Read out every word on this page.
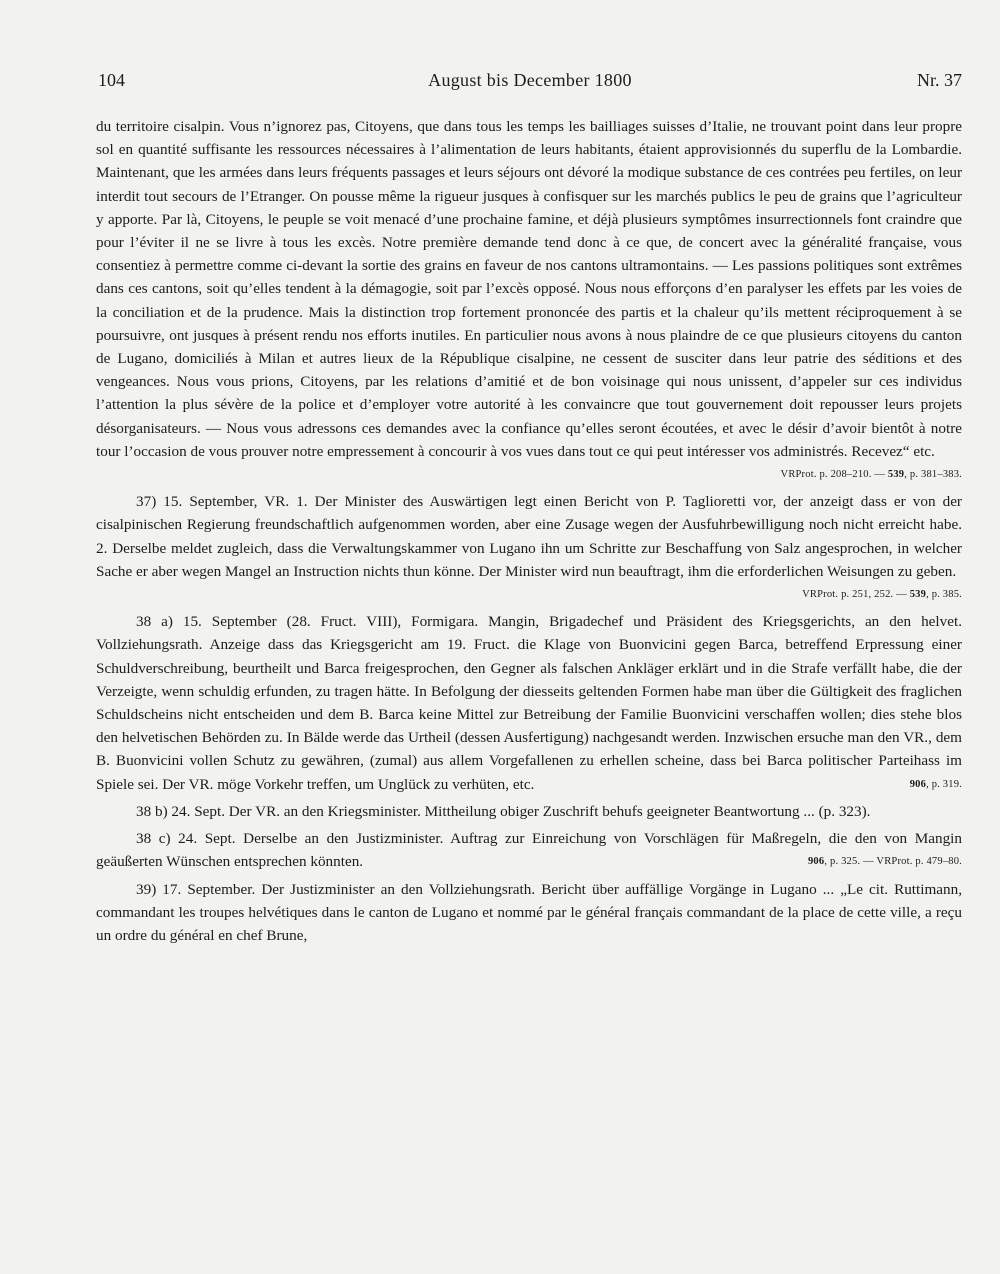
104	August bis December 1800	Nr. 37

du territoire cisalpin. Vous n’ignorez pas, Citoyens, que dans tous les temps les bailliages suisses d’Italie, ne trouvant point dans leur propre sol en quantité suffisante les ressources nécessaires à l’alimentation de leurs habitants, étaient approvisionnés du superflu de la Lombardie. Maintenant, que les armées dans leurs fréquents passages et leurs séjours ont dévoré la modique substance de ces contrées peu fertiles, on leur interdit tout secours de l’Etranger. On pousse même la rigueur jusques à confisquer sur les marchés publics le peu de grains que l’agriculteur y apporte. Par là, Citoyens, le peuple se voit menacé d’une prochaine famine, et déjà plusieurs symptômes insurrectionnels font craindre que pour l’éviter il ne se livre à tous les excès. Notre première demande tend donc à ce que, de concert avec la généralité française, vous consentiez à permettre comme ci-devant la sortie des grains en faveur de nos cantons ultramontains. — Les passions politiques sont extrêmes dans ces cantons, soit qu’elles tendent à la démagogie, soit par l’excès opposé. Nous nous efforçons d’en paralyser les effets par les voies de la conciliation et de la prudence. Mais la distinction trop fortement prononcée des partis et la chaleur qu’ils mettent réciproquement à se poursuivre, ont jusques à présent rendu nos efforts inutiles. En particulier nous avons à nous plaindre de ce que plusieurs citoyens du canton de Lugano, domiciliés à Milan et autres lieux de la République cisalpine, ne cessent de susciter dans leur patrie des séditions et des vengeances. Nous vous prions, Citoyens, par les relations d’amitié et de bon voisinage qui nous unissent, d’appeler sur ces individus l’attention la plus sévère de la police et d’employer votre autorité à les convaincre que tout gouvernement doit repousser leurs projets désorganisateurs. — Nous vous adressons ces demandes avec la confiance qu’elles seront écoutées, et avec le désir d’avoir bientôt à notre tour l’occasion de vous prouver notre empressement à concourir à vos vues dans tout ce qui peut intéresser vos administrés. Recevez“ etc.
VRProt. p. 208–210. — 539, p. 381–383.

37) 15. September, VR. 1. Der Minister des Auswärtigen legt einen Bericht von P. Taglioretti vor, der anzeigt dass er von der cisalpinischen Regierung freundschaftlich aufgenommen worden, aber eine Zusage wegen der Ausfuhrbewilligung noch nicht erreicht habe. 2. Derselbe meldet zugleich, dass die Verwaltungskammer von Lugano ihn um Schritte zur Beschaffung von Salz angesprochen, in welcher Sache er aber wegen Mangel an Instruction nichts thun könne. Der Minister wird nun beauftragt, ihm die erforderlichen Weisungen zu geben.
VRProt. p. 251, 252. — 539, p. 385.

38 a) 15. September (28. Fruct. VIII), Formigara. Mangin, Brigadechef und Präsident des Kriegsgerichts, an den helvet. Vollziehungsrath. Anzeige dass das Kriegsgericht am 19. Fruct. die Klage von Buonvicini gegen Barca, betreffend Erpressung einer Schuldverschreibung, beurtheilt und Barca freigesprochen, den Gegner als falschen Ankläger erklärt und in die Strafe verfällt habe, die der Verzeigte, wenn schuldig erfunden, zu tragen hätte. In Befolgung der diesseits geltenden Formen habe man über die Gültigkeit des fraglichen Schuldscheins nicht entscheiden und dem B. Barca keine Mittel zur Betreibung der Familie Buonvicini verschaffen wollen; dies stehe blos den helvetischen Behörden zu. In Bälde werde das Urtheil (dessen Ausfertigung) nachgesandt werden. Inzwischen ersuche man den VR., dem B. Buonvicini vollen Schutz zu gewähren, (zumal) aus allem Vorgefallenen zu erhellen scheine, dass bei Barca politischer Parteihass im Spiele sei. Der VR. möge Vorkehr treffen, um Unglück zu verhüten, etc.	906, p. 319.

38 b) 24. Sept. Der VR. an den Kriegsminister. Mittheilung obiger Zuschrift behufs geeigneter Beantwortung ... (p. 323).

38 c) 24. Sept. Derselbe an den Justizminister. Auftrag zur Einreichung von Vorschlägen für Maßregeln, die den von Mangin geäußerten Wünschen entsprechen könnten.	906, p. 325. — VRProt. p. 479–80.

39) 17. September. Der Justizminister an den Vollziehungsrath. Bericht über auffällige Vorgänge in Lugano ... „Le cit. Ruttimann, commandant les troupes helvétiques dans le canton de Lugano et nommé par le général français commandant de la place de cette ville, a reçu un ordre du général en chef Brune,
